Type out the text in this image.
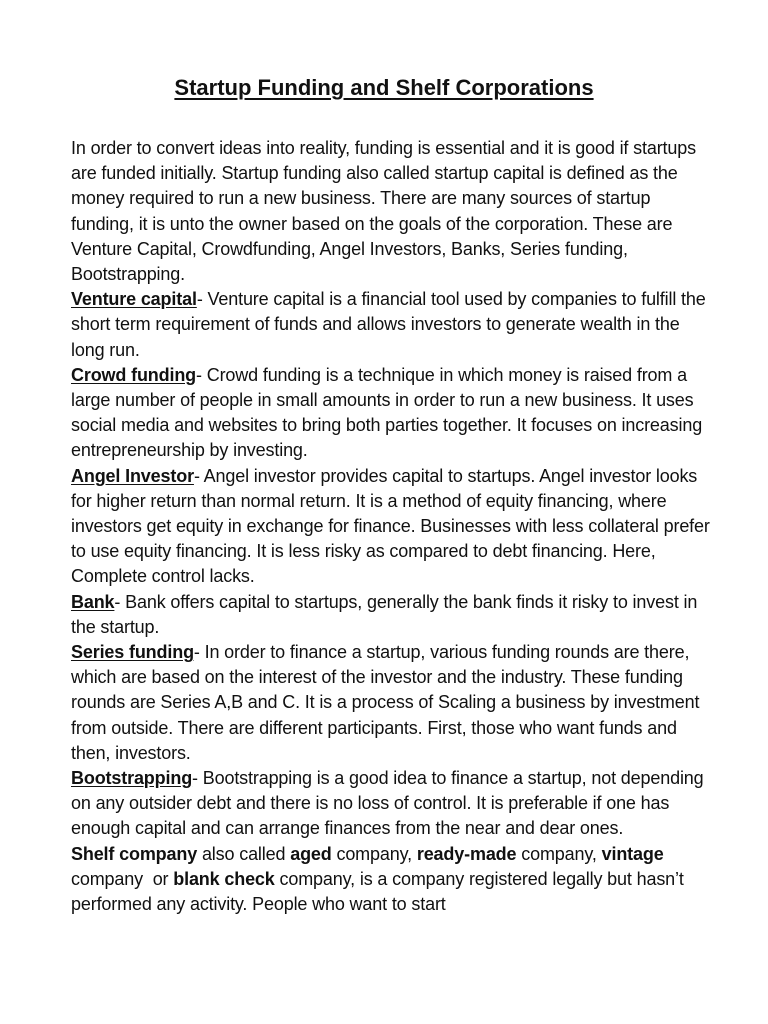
Startup Funding and Shelf Corporations

In order to convert ideas into reality, funding is essential and it is good if startups are funded initially. Startup funding also called startup capital is defined as the money required to run a new business. There are many sources of startup funding, it is unto the owner based on the goals of the corporation. These are Venture Capital, Crowdfunding, Angel Investors, Banks, Series funding, Bootstrapping.

Venture capital- Venture capital is a financial tool used by companies to fulfill the short term requirement of funds and allows investors to generate wealth in the long run.

Crowd funding- Crowd funding is a technique in which money is raised from a large number of people in small amounts in order to run a new business. It uses social media and websites to bring both parties together. It focuses on increasing entrepreneurship by investing.

Angel Investor- Angel investor provides capital to startups. Angel investor looks for higher return than normal return. It is a method of equity financing, where investors get equity in exchange for finance. Businesses with less collateral prefer to use equity financing. It is less risky as compared to debt financing. Here, Complete control lacks.

Bank- Bank offers capital to startups, generally the bank finds it risky to invest in the startup.

Series funding- In order to finance a startup, various funding rounds are there, which are based on the interest of the investor and the industry. These funding rounds are Series A,B and C. It is a process of Scaling a business by investment from outside. There are different participants. First, those who want funds and then, investors.

Bootstrapping- Bootstrapping is a good idea to finance a startup, not depending on any outsider debt and there is no loss of control. It is preferable if one has enough capital and can arrange finances from the near and dear ones.

Shelf company also called aged company, ready-made company, vintage company  or blank check company, is a company registered legally but hasn’t performed any activity. People who want to start
